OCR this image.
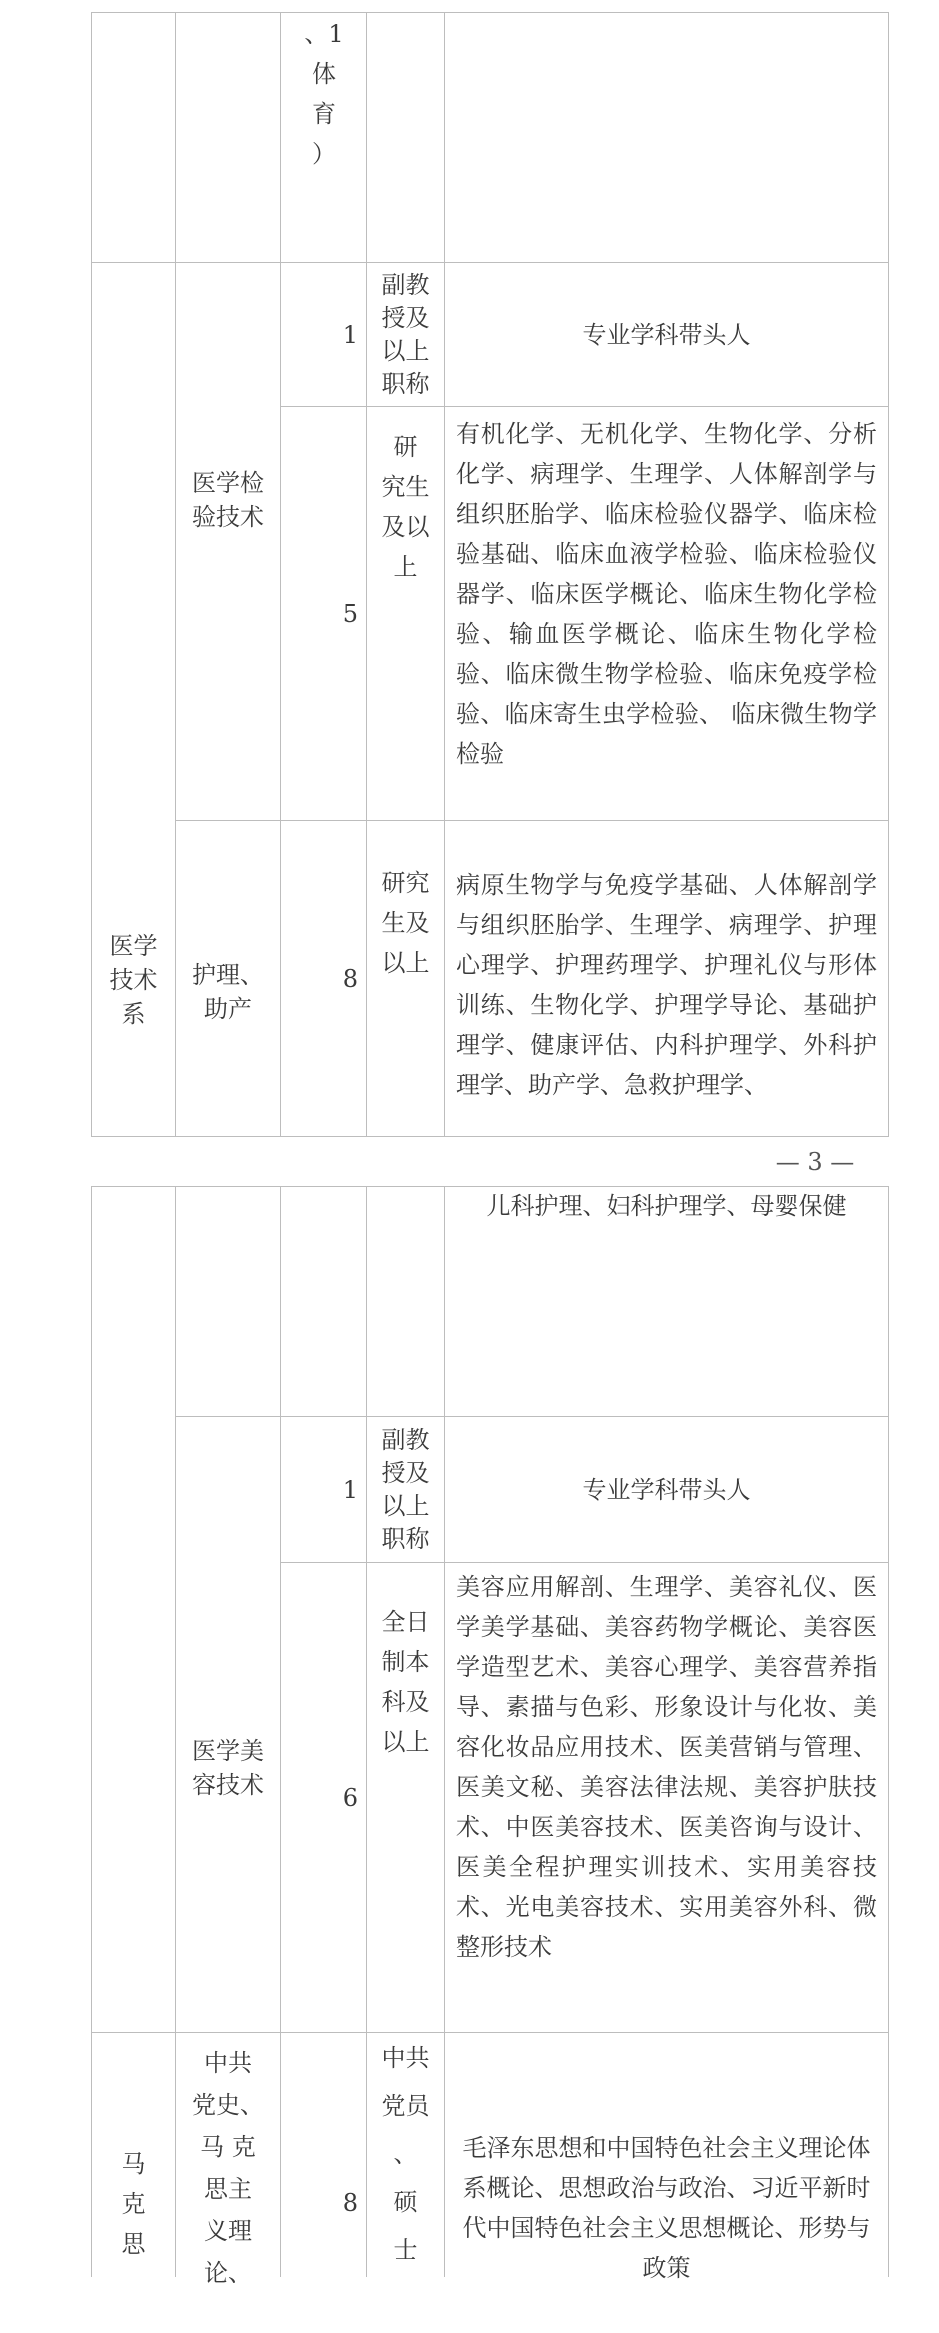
、1
体
育
）
医学
技术
系
医学检
验技术
1
副教
授及
以上
职称
专业学科带头人
5
研
究生
及以
上
有机化学、无机化学、生物化学、分析化学、病理学、生理学、人体解剖学与组织胚胎学、临床检验仪器学、临床检验基础、临床血液学检验、临床检验仪器学、临床医学概论、临床生物化学检验、输血医学概论、临床生物化学检验、临床微生物学检验、临床免疫学检验、临床寄生虫学检验、 临床微生物学检验
护理、
助产
8
研究
生及
以上
病原生物学与免疫学基础、人体解剖学与组织胚胎学、生理学、病理学、护理心理学、护理药理学、护理礼仪与形体训练、生物化学、护理学导论、基础护理学、健康评估、内科护理学、外科护理学、助产学、急救护理学、
— 3 —
儿科护理、妇科护理学、母婴保健
医学美
容技术
1
副教
授及
以上
职称
专业学科带头人
6
全日
制本
科及
以上
美容应用解剖、生理学、美容礼仪、医学美学基础、美容药物学概论、美容医学造型艺术、美容心理学、美容营养指导、素描与色彩、形象设计与化妆、美容化妆品应用技术、医美营销与管理、医美文秘、美容法律法规、美容护肤技术、中医美容技术、医美咨询与设计、医美全程护理实训技术、实用美容技术、光电美容技术、实用美容外科、微整形技术
马
克
思
中共
党史、
马 克
思主
义理
论、
8
中共
党员
、
硕
士
毛泽东思想和中国特色社会主义理论体系概论、思想政治与政治、习近平新时代中国特色社会主义思想概论、形势与政策
